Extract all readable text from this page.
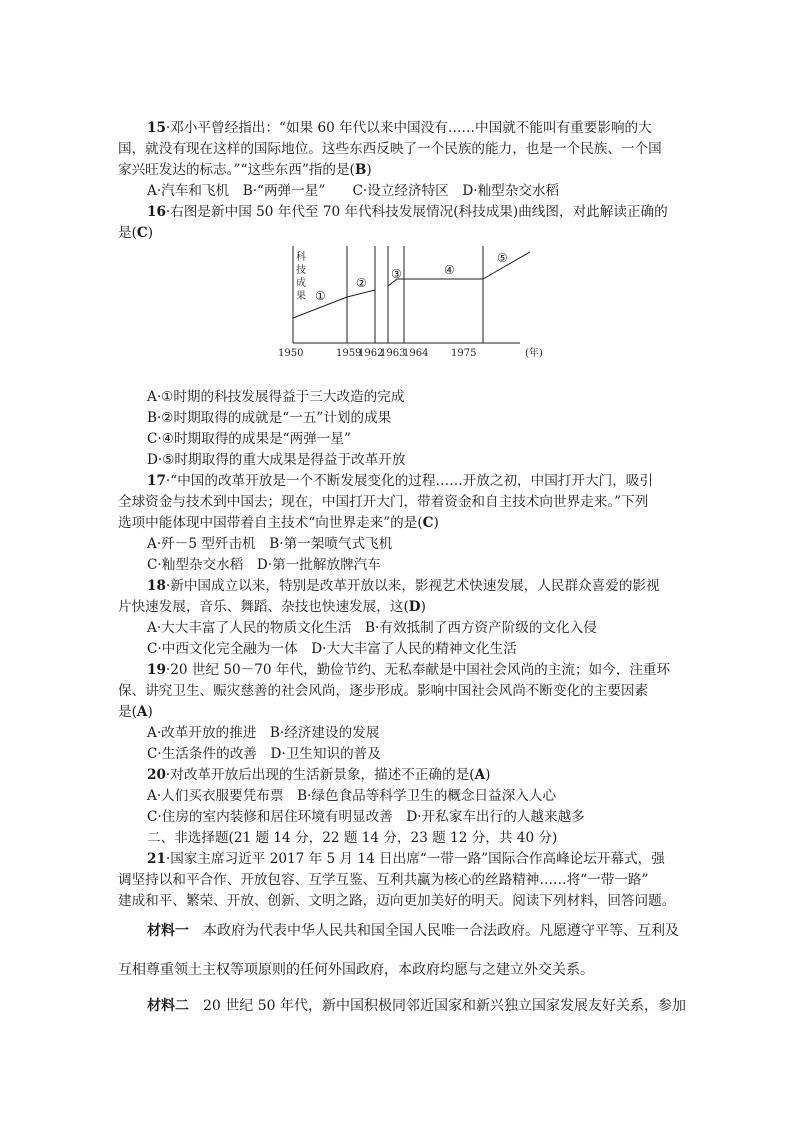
15·邓小平曾经指出：“如果 60 年代以来中国没有……中国就不能叫有重要影响的大
国，就没有现在这样的国际地位。这些东西反映了一个民族的能力，也是一个民族、一个国
家兴旺发达的标志。”“这些东西”指的是(B)
A·汽车和飞机　B·“两弹一星”　　C·设立经济特区　D·籼型杂交水稻
16·右图是新中国 50 年代至 70 年代科技发展情况(科技成果)曲线图，对此解读正确的
是(C)
科
技
成
果 ①
②
③	④
⑤
1950	1959
1962
1963
1964 1975	(年)
A·①时期的科技发展得益于三大改造的完成
B·②时期取得的成就是“一五”计划的成果
C·④时期取得的成果是“两弹一星”
D·⑤时期取得的重大成果是得益于改革开放
17·“中国的改革开放是一个不断发展变化的过程……开放之初，中国打开大门，吸引
全球资金与技术到中国去；现在，中国打开大门，带着资金和自主技术向世界走来。”下列
选项中能体现中国带着自主技术“向世界走来”的是(C)
A·歼－5 型歼击机　B·第一架喷气式飞机
C·籼型杂交水稻　D·第一批解放牌汽车
18·新中国成立以来，特别是改革开放以来，影视艺术快速发展，人民群众喜爱的影视
片快速发展，音乐、舞蹈、杂技也快速发展，这(D)
A·大大丰富了人民的物质文化生活　B·有效抵制了西方资产阶级的文化入侵
C·中西文化完全融为一体　D·大大丰富了人民的精神文化生活
19·20 世纪 50－70 年代，勤俭节约、无私奉献是中国社会风尚的主流；如今，注重环
保、讲究卫生、赈灾慈善的社会风尚，逐步形成。影响中国社会风尚不断变化的主要因素
是(A)
A·改革开放的推进　B·经济建设的发展
C·生活条件的改善　D·卫生知识的普及
20·对改革开放后出现的生活新景象，描述不正确的是(A)
A·人们买衣服要凭布票　B·绿色食品等科学卫生的概念日益深入人心
C·住房的室内装修和居住环境有明显改善　D·开私家车出行的人越来越多
二、非选择题(21 题 14 分，22 题 14 分，23 题 12 分，共 40 分)
21·国家主席习近平 2017 年 5 月 14 日出席“一带一路”国际合作高峰论坛开幕式，强
调坚持以和平合作、开放包容、互学互鉴、互利共赢为核心的丝路精神……将“一带一路”
建成和平、繁荣、开放、创新、文明之路，迈向更加美好的明天。阅读下列材料，回答问题。
材料一　本政府为代表中华人民共和国全国人民唯一合法政府。凡愿遵守平等、互利及
互相尊重领土主权等项原则的任何外国政府，本政府均愿与之建立外交关系。
材料二　20 世纪 50 年代，新中国积极同邻近国家和新兴独立国家发展友好关系，参加
